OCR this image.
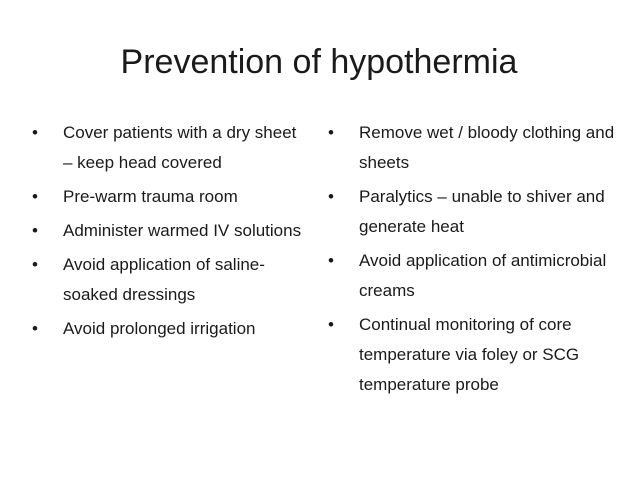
Prevention of hypothermia
• Cover patients with a dry sheet – keep head covered
• Pre-warm trauma room
• Administer warmed IV solutions
• Avoid application of saline-soaked dressings
• Avoid prolonged irrigation
• Remove wet / bloody clothing and sheets
• Paralytics – unable to shiver and generate heat
• Avoid application of antimicrobial creams
• Continual monitoring of core temperature via foley or SCG temperature probe
